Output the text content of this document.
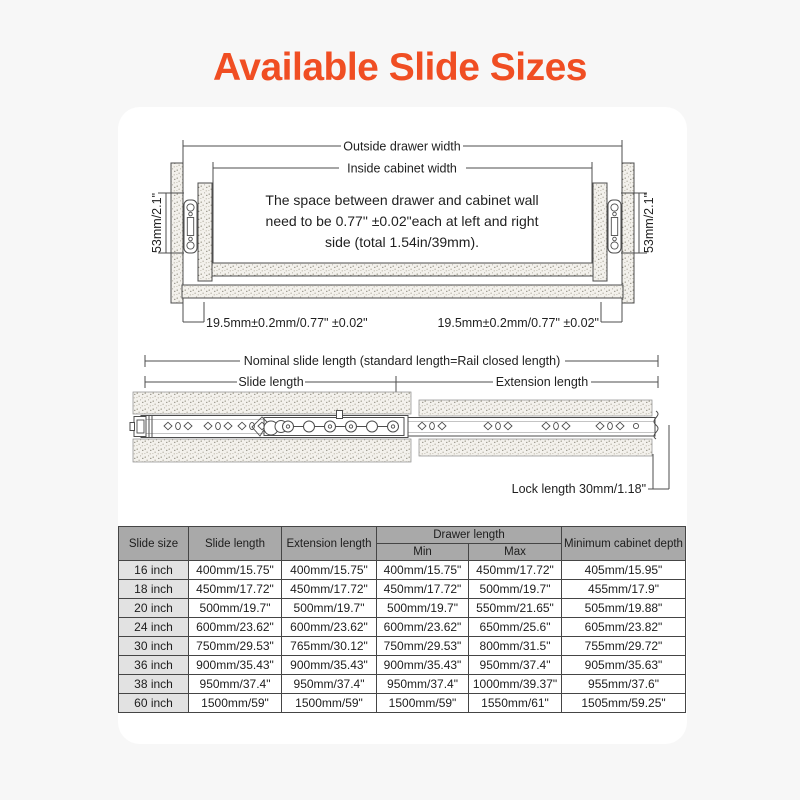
Available Slide Sizes
Outside drawer width
Inside cabinet width
53mm/2.1"	53mm/2.1"
19.5mm±0.2mm/0.77" ±0.02"	19.5mm±0.2mm/0.77" ±0.02"
The space between drawer and cabinet wall
need to be 0.77" ±0.02"each at left and right
side (total 1.54in/39mm).
Nominal slide length (standard length=Rail closed length)
Slide length	Extension length
Lock length 30mm/1.18"
Slide size	Slide length	Extension length	Drawer length		Minimum cabinet depth
			Min	Max	
16 inch	400mm/15.75"	400mm/15.75"	400mm/15.75"	450mm/17.72"	405mm/15.95"
18 inch	450mm/17.72"	450mm/17.72"	450mm/17.72"	500mm/19.7"	455mm/17.9"
20 inch	500mm/19.7"	500mm/19.7"	500mm/19.7"	550mm/21.65"	505mm/19.88"
24 inch	600mm/23.62"	600mm/23.62"	600mm/23.62"	650mm/25.6"	605mm/23.82"
30 inch	750mm/29.53"	765mm/30.12"	750mm/29.53"	800mm/31.5"	755mm/29.72"
36 inch	900mm/35.43"	900mm/35.43"	900mm/35.43"	950mm/37.4"	905mm/35.63"
38 inch	950mm/37.4"	950mm/37.4"	950mm/37.4"	1000mm/39.37"	955mm/37.6"
60 inch	1500mm/59"	1500mm/59"	1500mm/59"	1550mm/61"	1505mm/59.25"
